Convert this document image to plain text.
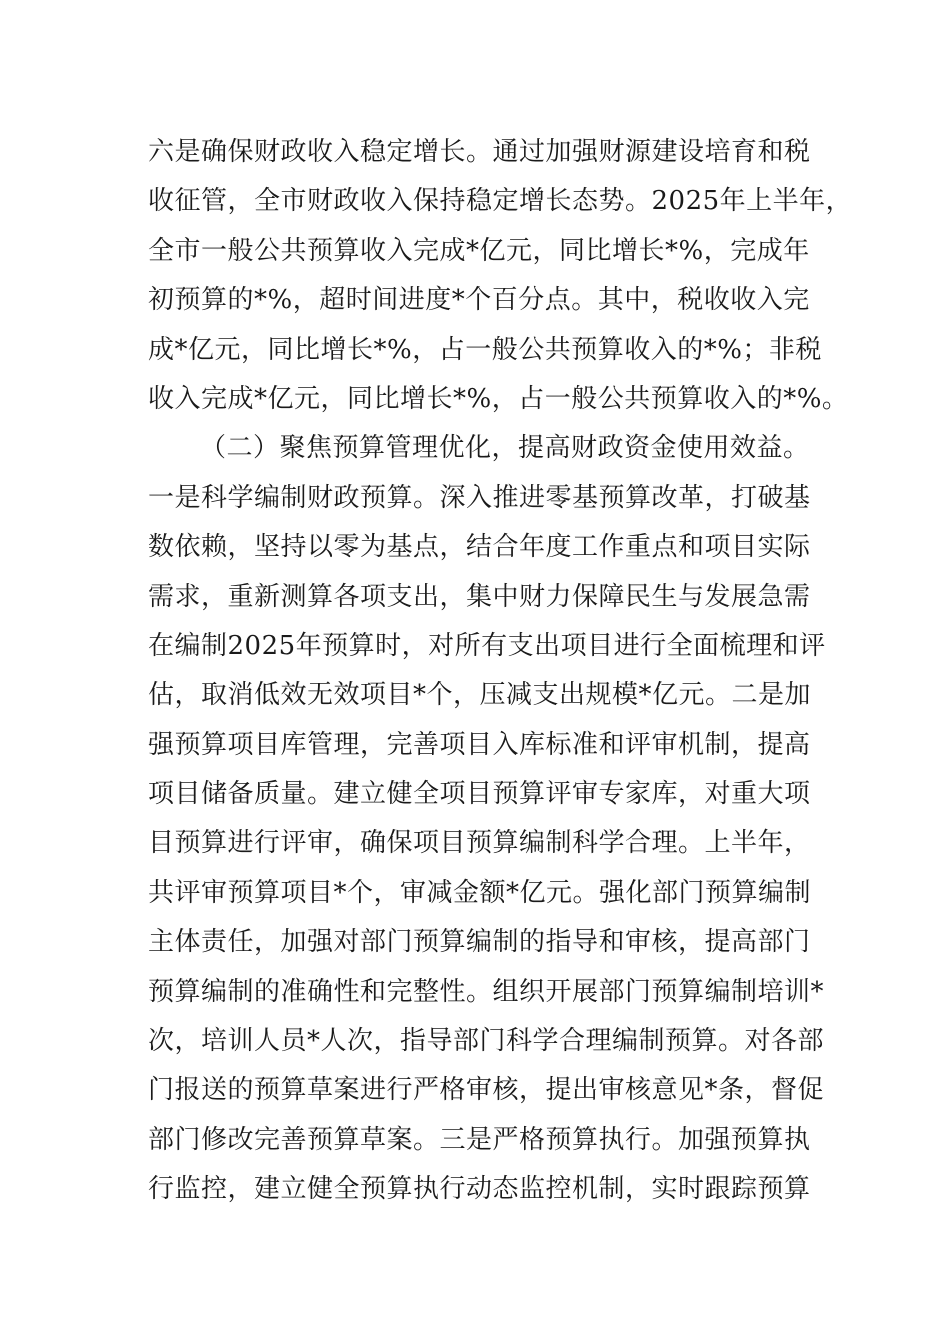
六是确保财政收入稳定增长。通过加强财源建设培育和税
收征管，全市财政收入保持稳定增长态势。2025年上半年，
全市一般公共预算收入完成*亿元，同比增长*%，完成年
初预算的*%，超时间进度*个百分点。其中，税收收入完
成*亿元，同比增长*%，占一般公共预算收入的*%；非税
收入完成*亿元，同比增长*%，占一般公共预算收入的*%。
（二）聚焦预算管理优化，提高财政资金使用效益。
一是科学编制财政预算。深入推进零基预算改革，打破基
数依赖，坚持以零为基点，结合年度工作重点和项目实际
需求，重新测算各项支出，集中财力保障民生与发展急需
在编制2025年预算时，对所有支出项目进行全面梳理和评
估，取消低效无效项目*个，压减支出规模*亿元。二是加
强预算项目库管理，完善项目入库标准和评审机制，提高
项目储备质量。建立健全项目预算评审专家库，对重大项
目预算进行评审，确保项目预算编制科学合理。上半年，
共评审预算项目*个，审减金额*亿元。强化部门预算编制
主体责任，加强对部门预算编制的指导和审核，提高部门
预算编制的准确性和完整性。组织开展部门预算编制培训*
次，培训人员*人次，指导部门科学合理编制预算。对各部
门报送的预算草案进行严格审核，提出审核意见*条，督促
部门修改完善预算草案。三是严格预算执行。加强预算执
行监控，建立健全预算执行动态监控机制，实时跟踪预算
